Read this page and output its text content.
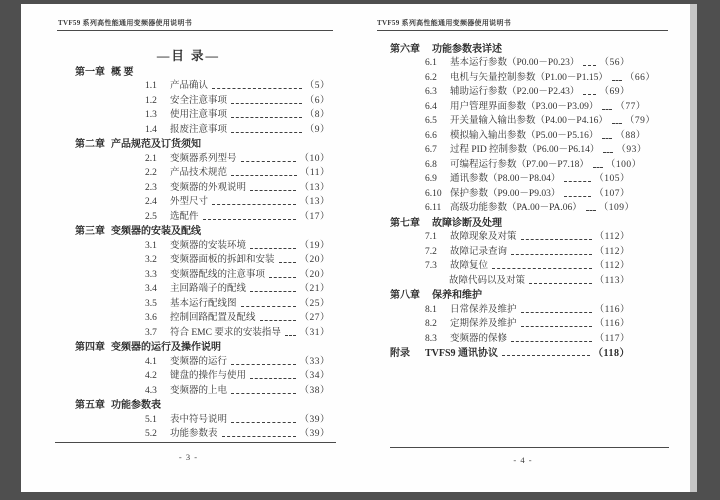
TVF59 系列高性能通用变频器使用说明书
—目 录—
第一章 概 要
1.1	产品确认	（5）
1.2	安全注意事项	（6）
1.3	使用注意事项	（8）
1.4	报废注意事项	（9）
第二章 产品规范及订货须知
2.1	变频器系列型号	（10）
2.2	产品技术规范	（11）
2.3	变频器的外观说明	（13）
2.4	外型尺寸	（13）
2.5	选配件	（17）
第三章 变频器的安装及配线
3.1	变频器的安装环境	（19）
3.2	变频器面板的拆卸和安装	（20）
3.3	变频器配线的注意事项	（20）
3.4	主回路端子的配线	（21）
3.5	基本运行配线图	（25）
3.6	控制回路配置及配线	（27）
3.7	符合 EMC 要求的安装指导 （31）
第四章 变频器的运行及操作说明
4.1	变频器的运行	（33）
4.2	键盘的操作与使用	（34）
4.3	变频器的上电	（38）
第五章 功能参数表
5.1	表中符号说明	（39）
5.2	功能参数表	（39）
- 3 -
TVF59 系列高性能通用变频器使用说明书
第六章 功能参数表详述
6.1	基本运行参数（P0.00－P0.23） （56）
6.2	电机与矢量控制参数（P1.00－P1.15） （66）
6.3	辅助运行参数（P2.00－P2.43） （69）
6.4	用户管理界面参数（P3.00－P3.09） （77）
6.5	开关量输入输出参数（P4.00－P4.16） （79）
6.6	模拟输入输出参数（P5.00－P5.16） （88）
6.7	过程 PID 控制参数（P6.00－P6.14） （93）
6.8	可编程运行参数（P7.00－P7.18） （100）
6.9	通讯参数（P8.00－P8.04）	（105）
6.10 保护参数（P9.00－P9.03）	（107）
6.11 高级功能参数（PA.00－PA.06） （109）
第七章 故障诊断及处理
7.1	故障现象及对策	（112）
7.2	故障记录查询	（112）
7.3	故障复位	（112）
故障代码以及对策	（113）
第八章 保养和维护
8.1	日常保养及维护	（116）
8.2	定期保养及维护	（116）
8.3	变频器的保修	（117）
附录	TVFS9 通讯协议	（118）
- 4 -
